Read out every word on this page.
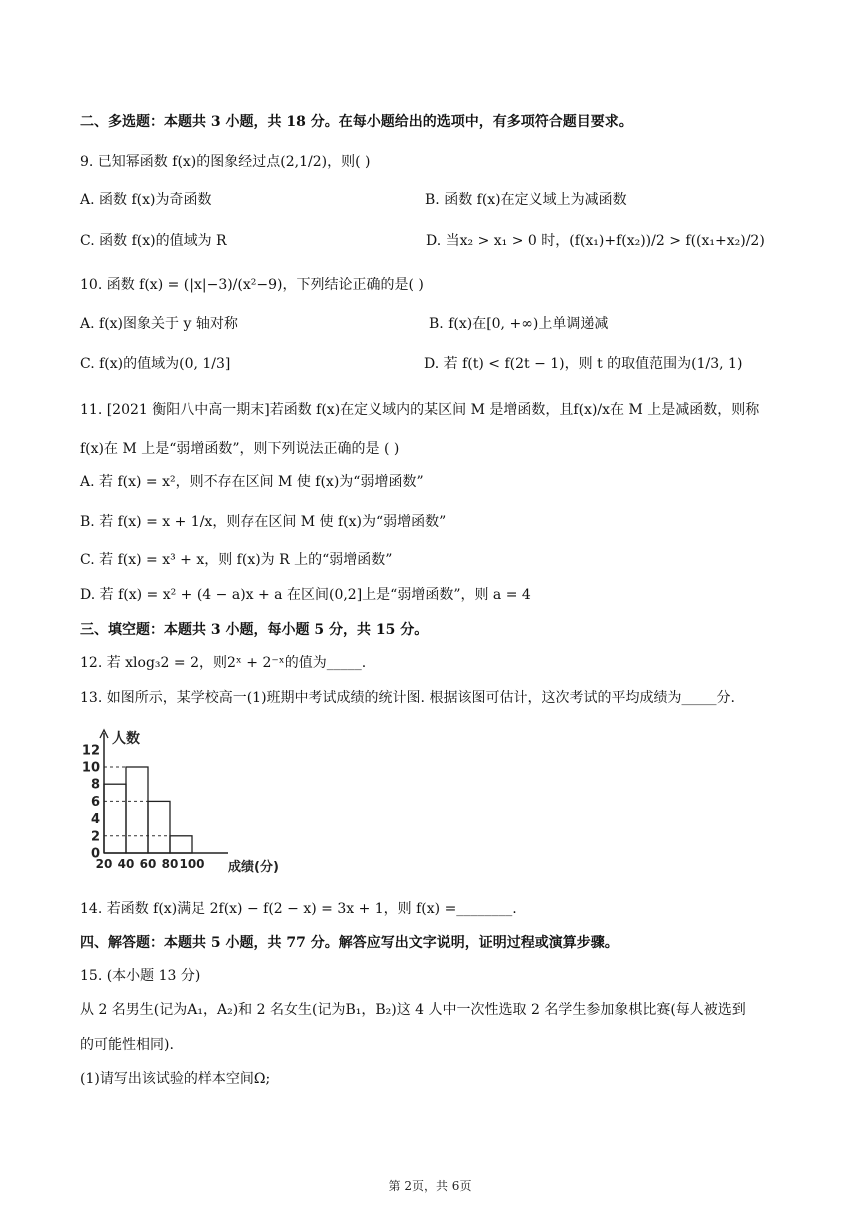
二、多选题：本题共 3 小题，共 18 分。在每小题给出的选项中，有多项符合题目要求。
9. 已知幂函数 f(x)的图象经过点(2,1/2)，则( )
A. 函数 f(x)为奇函数	B. 函数 f(x)在定义域上为减函数
C. 函数 f(x)的值域为 R	D. 当x₂ > x₁ > 0 时，(f(x₁)+f(x₂))/2 > f((x₁+x₂)/2)
10. 函数 f(x) = (|x|−3)/(x²−9)，下列结论正确的是( )
A. f(x)图象关于 y 轴对称	B. f(x)在[0, +∞)上单调递减
C. f(x)的值域为(0, 1/3]	D. 若 f(t) < f(2t − 1)，则 t 的取值范围为(1/3, 1)
11. [2021 衡阳八中高一期末]若函数 f(x)在定义域内的某区间 M 是增函数，且f(x)/x在 M 上是减函数，则称
f(x)在 M 上是“弱增函数”，则下列说法正确的是 ( )
A. 若 f(x) = x²，则不存在区间 M 使 f(x)为“弱增函数”
B. 若 f(x) = x + 1/x，则存在区间 M 使 f(x)为“弱增函数”
C. 若 f(x) = x³ + x，则 f(x)为 R 上的“弱增函数”
D. 若 f(x) = x² + (4 − a)x + a 在区间(0,2]上是“弱增函数”，则 a = 4
三、填空题：本题共 3 小题，每小题 5 分，共 15 分。
12. 若 xlog₃2 = 2，则2ˣ + 2⁻ˣ的值为_____.
13. 如图所示，某学校高一(1)班期中考试成绩的统计图. 根据该图可估计，这次考试的平均成绩为_____分.
0
2
4
6
8
10
12
20 40 60 80 100
人数
成绩(分)
14. 若函数 f(x)满足 2f(x) − f(2 − x) = 3x + 1，则 f(x) =________.
四、解答题：本题共 5 小题，共 77 分。解答应写出文字说明，证明过程或演算步骤。
15. (本小题 13 分)
从 2 名男生(记为A₁，A₂)和 2 名女生(记为B₁，B₂)这 4 人中一次性选取 2 名学生参加象棋比赛(每人被选到
的可能性相同).
(1)请写出该试验的样本空间Ω;
第 2页，共 6页
